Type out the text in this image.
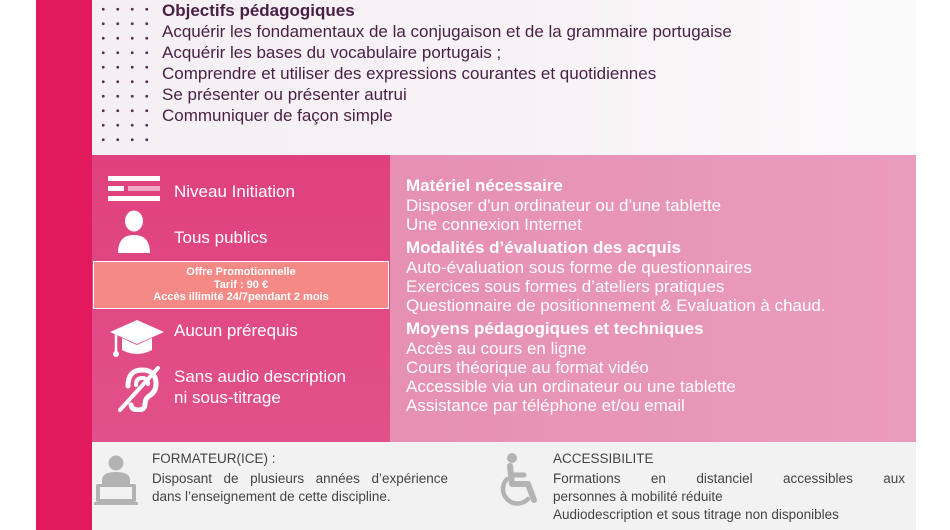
Objectifs pédagogiques
Acquérir les fondamentaux de la conjugaison et de la grammaire portugaise
Acquérir les bases du vocabulaire portugais ;
Comprendre et utiliser des expressions courantes et quotidiennes
Se présenter ou présenter autrui
Communiquer de façon simple
Niveau Initiation
Tous publics
Offre Promotionnelle
Tarif : 90 €
Accès illimité 24/7pendant 2 mois
Aucun prérequis
Sans audio description
ni sous-titrage
Matériel nécessaire
Disposer d'un ordinateur ou d’une tablette
Une connexion Internet
Modalités d’évaluation des acquis
Auto-évaluation sous forme de questionnaires
Exercices sous formes d’ateliers pratiques
Questionnaire de positionnement & Evaluation à chaud.
Moyens pédagogiques et techniques
Accès au cours en ligne
Cours théorique au format vidéo
Accessible via un ordinateur ou une tablette
Assistance par téléphone et/ou email
FORMATEUR(ICE) :
Disposant de plusieurs années d’expérience dans l’enseignement de cette discipline.
ACCESSIBILITE
Formations en distanciel accessibles aux
personnes à mobilité réduite
Audiodescription et sous titrage non disponibles
